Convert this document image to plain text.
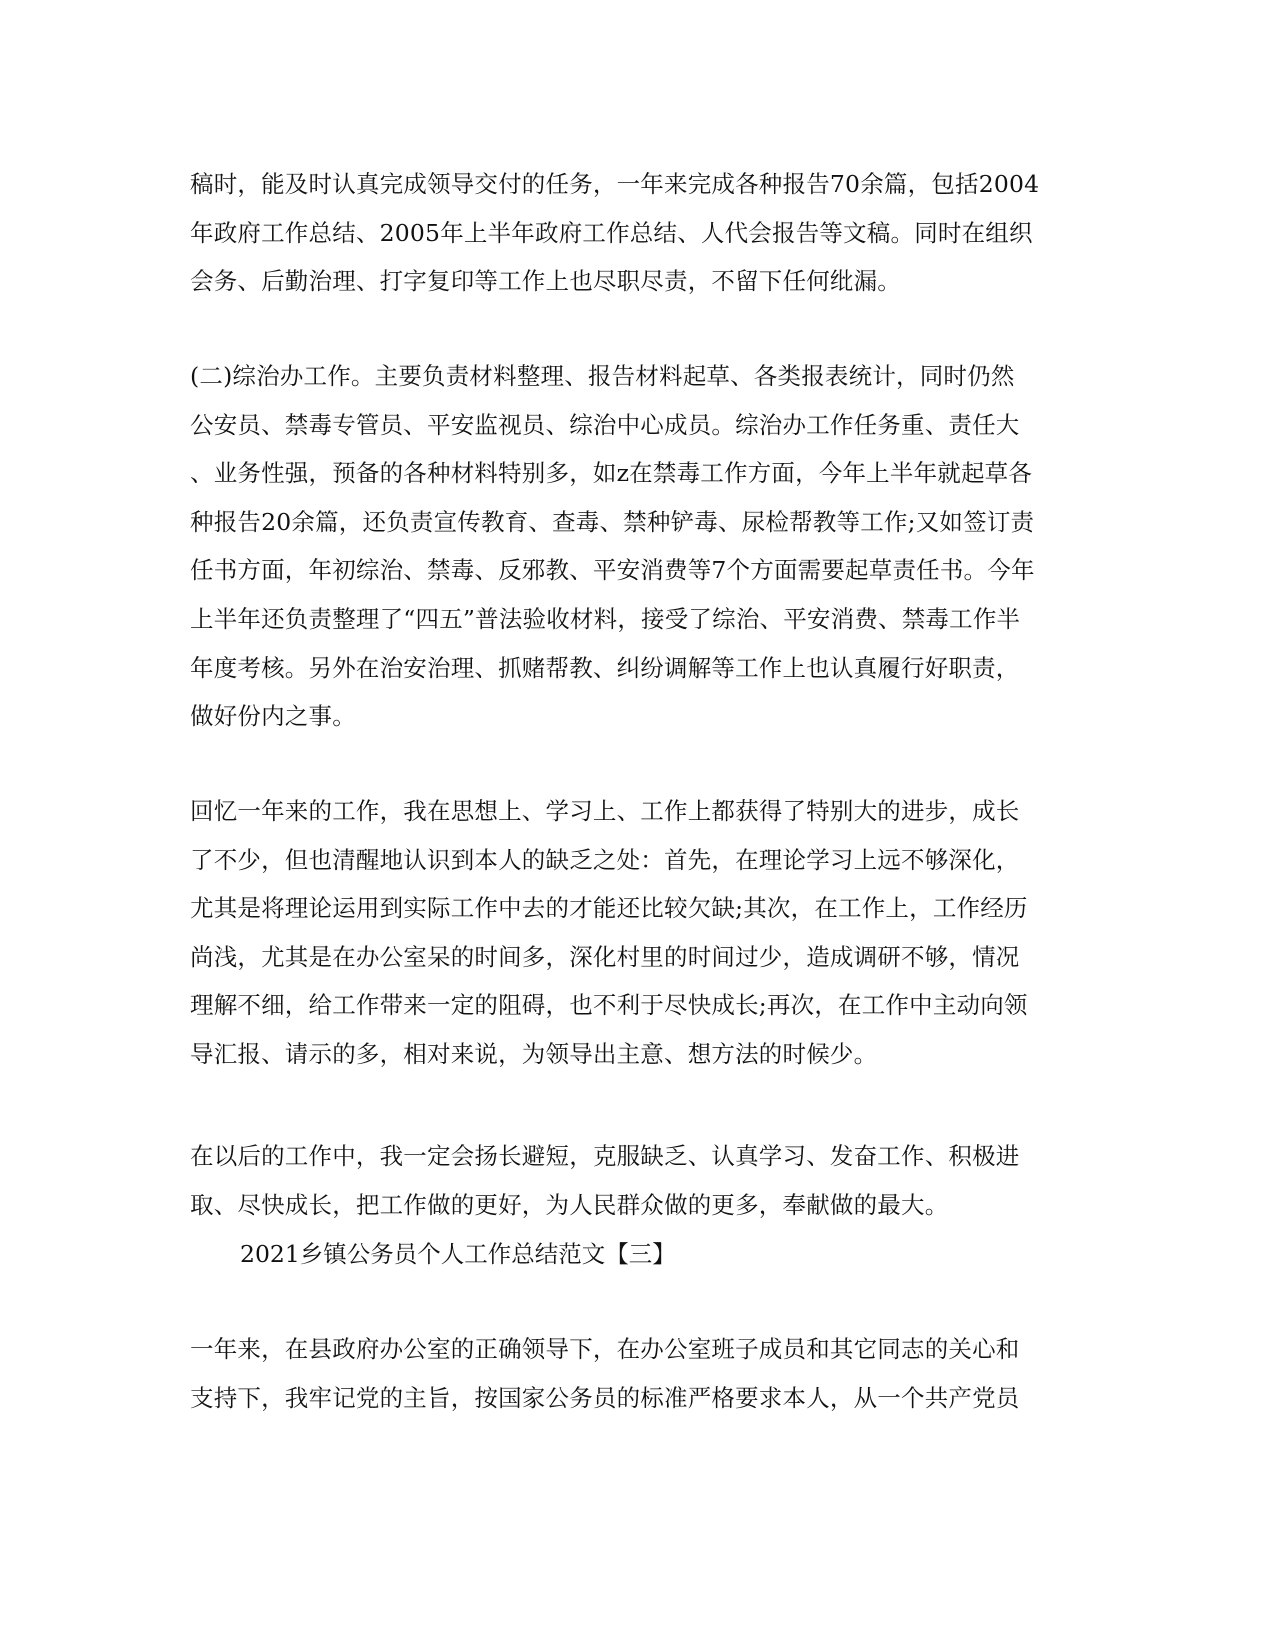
稿时，能及时认真完成领导交付的任务，一年来完成各种报告70余篇，包括2004
年政府工作总结、2005年上半年政府工作总结、人代会报告等文稿。同时在组织
会务、后勤治理、打字复印等工作上也尽职尽责，不留下任何纰漏。
(二)综治办工作。主要负责材料整理、报告材料起草、各类报表统计，同时仍然
公安员、禁毒专管员、平安监视员、综治中心成员。综治办工作任务重、责任大
、业务性强，预备的各种材料特别多，如z在禁毒工作方面，今年上半年就起草各
种报告20余篇，还负责宣传教育、查毒、禁种铲毒、尿检帮教等工作;又如签订责
任书方面，年初综治、禁毒、反邪教、平安消费等7个方面需要起草责任书。今年
上半年还负责整理了“四五”普法验收材料，接受了综治、平安消费、禁毒工作半
年度考核。另外在治安治理、抓赌帮教、纠纷调解等工作上也认真履行好职责，
做好份内之事。
回忆一年来的工作，我在思想上、学习上、工作上都获得了特别大的进步，成长
了不少，但也清醒地认识到本人的缺乏之处：首先，在理论学习上远不够深化，
尤其是将理论运用到实际工作中去的才能还比较欠缺;其次，在工作上，工作经历
尚浅，尤其是在办公室呆的时间多，深化村里的时间过少，造成调研不够，情况
理解不细，给工作带来一定的阻碍，也不利于尽快成长;再次，在工作中主动向领
导汇报、请示的多，相对来说，为领导出主意、想方法的时候少。
在以后的工作中，我一定会扬长避短，克服缺乏、认真学习、发奋工作、积极进
取、尽快成长，把工作做的更好，为人民群众做的更多，奉献做的最大。
2021乡镇公务员个人工作总结范文【三】
一年来，在县政府办公室的正确领导下，在办公室班子成员和其它同志的关心和
支持下，我牢记党的主旨，按国家公务员的标准严格要求本人，从一个共产党员
